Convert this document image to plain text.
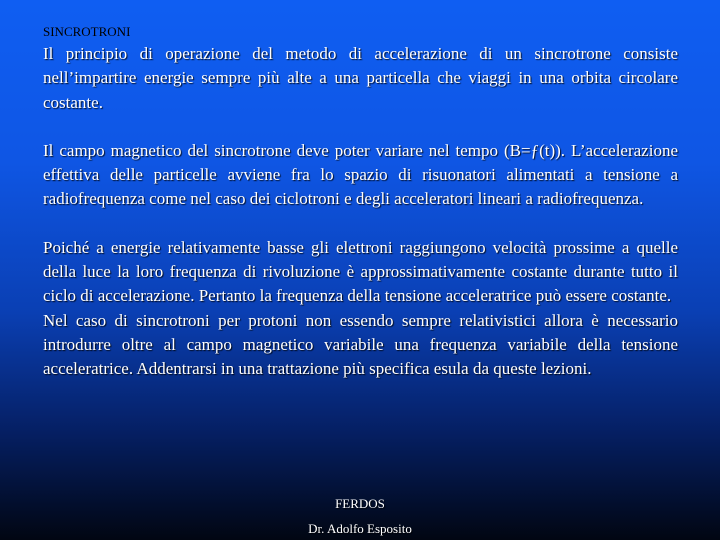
SINCROTRONI

Il principio di operazione del metodo di accelerazione di un sincrotrone consiste nell’impartire energie sempre più alte a una particella che viaggi in una orbita circolare costante.

Il campo magnetico del sincrotrone deve poter variare nel tempo (B=ƒ(t)). L’accelerazione effettiva delle particelle avviene fra lo spazio di risuonatori alimentati a tensione a radiofrequenza come nel caso dei ciclotroni e degli acceleratori lineari a radiofrequenza.

Poiché a energie relativamente basse gli elettroni raggiungono velocità prossime a quelle della luce la loro frequenza di rivoluzione è approssimativamente costante durante tutto il ciclo di accelerazione. Pertanto la frequenza della tensione acceleratrice può essere costante.

Nel caso di sincrotroni per protoni non essendo sempre relativistici allora è necessario introdurre oltre al campo magnetico variabile una frequenza variabile della tensione acceleratrice. Addentrarsi in una trattazione più specifica esula da queste lezioni.

FERDOS
Dr. Adolfo Esposito
